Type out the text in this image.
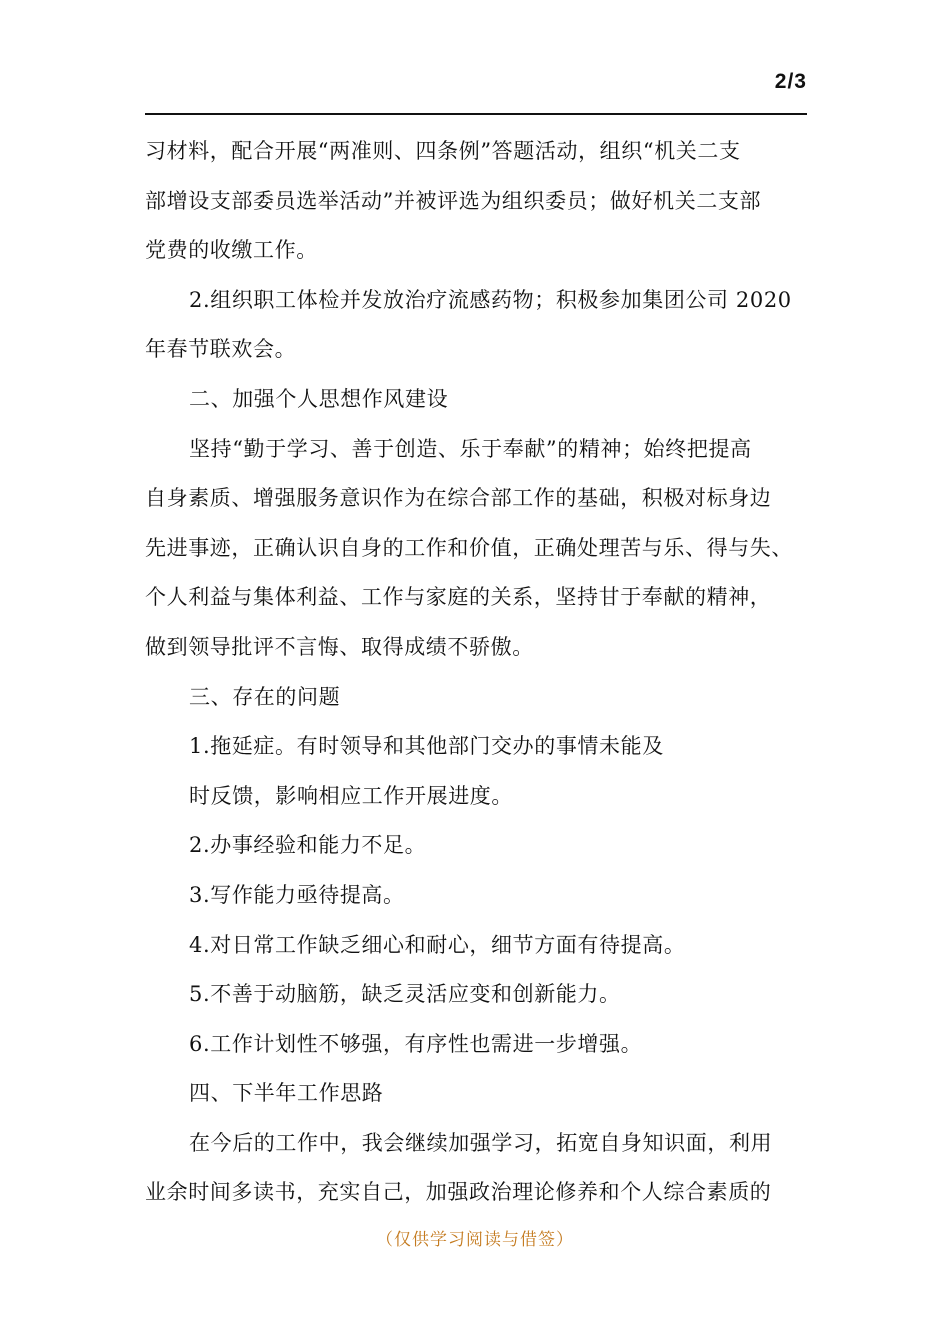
2/3
习材料，配合开展“两准则、四条例”答题活动，组织“机关二支
部增设支部委员选举活动”并被评选为组织委员；做好机关二支部
党费的收缴工作。
2.组织职工体检并发放治疗流感药物；积极参加集团公司 2020
年春节联欢会。
二、加强个人思想作风建设
坚持“勤于学习、善于创造、乐于奉献”的精神；始终把提高
自身素质、增强服务意识作为在综合部工作的基础，积极对标身边
先进事迹，正确认识自身的工作和价值，正确处理苦与乐、得与失、
个人利益与集体利益、工作与家庭的关系，坚持甘于奉献的精神，
做到领导批评不言悔、取得成绩不骄傲。
三、存在的问题
1.拖延症。有时领导和其他部门交办的事情未能及
时反馈，影响相应工作开展进度。
2.办事经验和能力不足。
3.写作能力亟待提高。
4.对日常工作缺乏细心和耐心，细节方面有待提高。
5.不善于动脑筋，缺乏灵活应变和创新能力。
6.工作计划性不够强，有序性也需进一步增强。
四、下半年工作思路
在今后的工作中，我会继续加强学习，拓宽自身知识面，利用
业余时间多读书，充实自己，加强政治理论修养和个人综合素质的
（仅供学习阅读与借签）
